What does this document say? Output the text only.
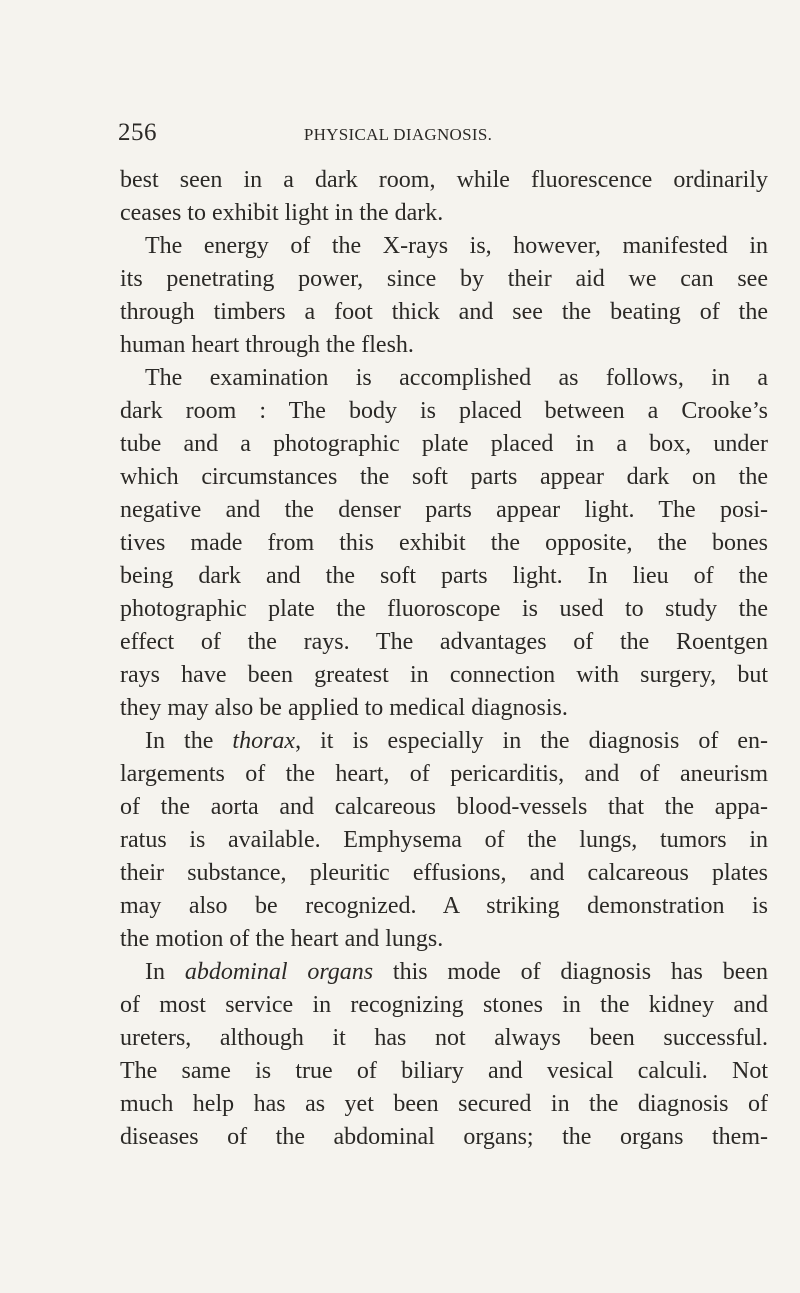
256	PHYSICAL DIAGNOSIS.
best seen in a dark room, while fluorescence ordinarily
ceases to exhibit light in the dark.
The energy of the X-rays is, however, manifested in
its penetrating power, since by their aid we can see
through timbers a foot thick and see the beating of the
human heart through the flesh.
The examination is accomplished as follows, in a
dark room : The body is placed between a Crooke’s
tube and a photographic plate placed in a box, under
which circumstances the soft parts appear dark on the
negative and the denser parts appear light. The posi-
tives made from this exhibit the opposite, the bones
being dark and the soft parts light. In lieu of the
photographic plate the fluoroscope is used to study the
effect of the rays. The advantages of the Roentgen
rays have been greatest in connection with surgery, but
they may also be applied to medical diagnosis.
In the thorax, it is especially in the diagnosis of en-
largements of the heart, of pericarditis, and of aneurism
of the aorta and calcareous blood-vessels that the appa-
ratus is available. Emphysema of the lungs, tumors in
their substance, pleuritic effusions, and calcareous plates
may also be recognized. A striking demonstration is
the motion of the heart and lungs.
In abdominal organs this mode of diagnosis has been
of most service in recognizing stones in the kidney and
ureters, although it has not always been successful.
The same is true of biliary and vesical calculi. Not
much help has as yet been secured in the diagnosis of
diseases of the abdominal organs; the organs them-
